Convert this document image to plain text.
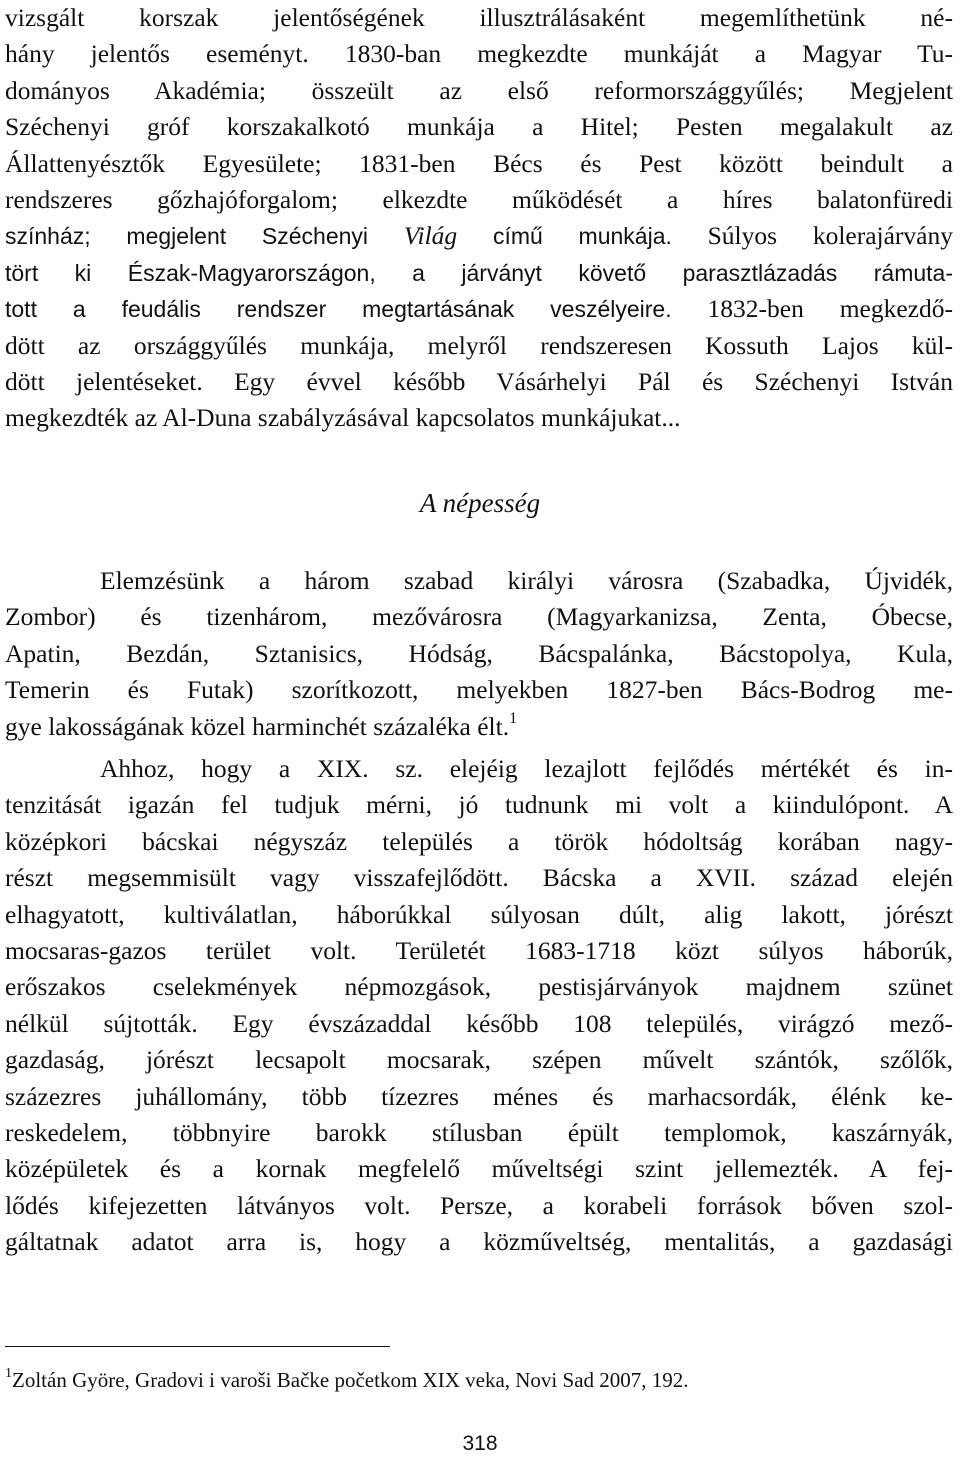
vizsgált korszak jelentőségének illusztrálásaként megemlíthetünk né-
hány jelentős eseményt. 1830-ban megkezdte munkáját a Magyar Tu-
dományos Akadémia; összeült az első reformországgyűlés; Megjelent
Széchenyi gróf korszakalkotó munkája a Hitel; Pesten megalakult az
Állattenyésztők Egyesülete; 1831-ben Bécs és Pest között beindult a
rendszeres gőzhajóforgalom; elkezdte működését a híres balatonfüredi
színház; megjelent Széchenyi Világ című munkája. Súlyos kolerajárvány
tört ki Észak-Magyarországon, a járványt követő parasztlázadás rámuta-
tott a feudális rendszer megtartásának veszélyeire. 1832-ben megkezdő-
dött az országgyűlés munkája, melyről rendszeresen Kossuth Lajos kül-
dött jelentéseket. Egy évvel később Vásárhelyi Pál és Széchenyi István
megkezdték az Al-Duna szabályzásával kapcsolatos munkájukat...
A népesség
Elemzésünk a három szabad királyi városra (Szabadka, Újvidék,
Zombor) és tizenhárom, mezővárosra (Magyarkanizsa, Zenta, Óbecse,
Apatin, Bezdán, Sztanisics, Hódság, Bácspalánka, Bácstopolya, Kula,
Temerin és Futak) szorítkozott, melyekben 1827-ben Bács-Bodrog me-
gye lakosságának közel harminchét százaléka élt.$^1$
Ahhoz, hogy a XIX. sz. elejéig lezajlott fejlődés mértékét és in-
tenzitását igazán fel tudjuk mérni, jó tudnunk mi volt a kiindulópont. A
középkori bácskai négyszáz település a török hódoltság korában nagy-
részt megsemmisült vagy visszafejlődött. Bácska a XVII. század elején
elhagyatott, kultiválatlan, háborúkkal súlyosan dúlt, alig lakott, jórészt
mocsaras-gazos terület volt. Területét 1683-1718 közt súlyos háborúk,
erőszakos cselekmények népmozgások, pestisjárványok majdnem szünet
nélkül sújtották. Egy évszázaddal később 108 település, virágzó mező-
gazdaság, jórészt lecsapolt mocsarak, szépen művelt szántók, szőlők,
százezres juhállomány, több tízezres ménes és marhacsordák, élénk ke-
reskedelem, többnyire barokk stílusban épült templomok, kaszárnyák,
középületek és a kornak megfelelő műveltségi szint jellemezték. A fej-
lődés kifejezetten látványos volt. Persze, a korabeli források bőven szol-
gáltatnak adatot arra is, hogy a közműveltség, mentalitás, a gazdasági
$^1$Zoltán Györe, Gradovi i varoši Bačke početkom XIX veka, Novi Sad 2007, 192.
318
